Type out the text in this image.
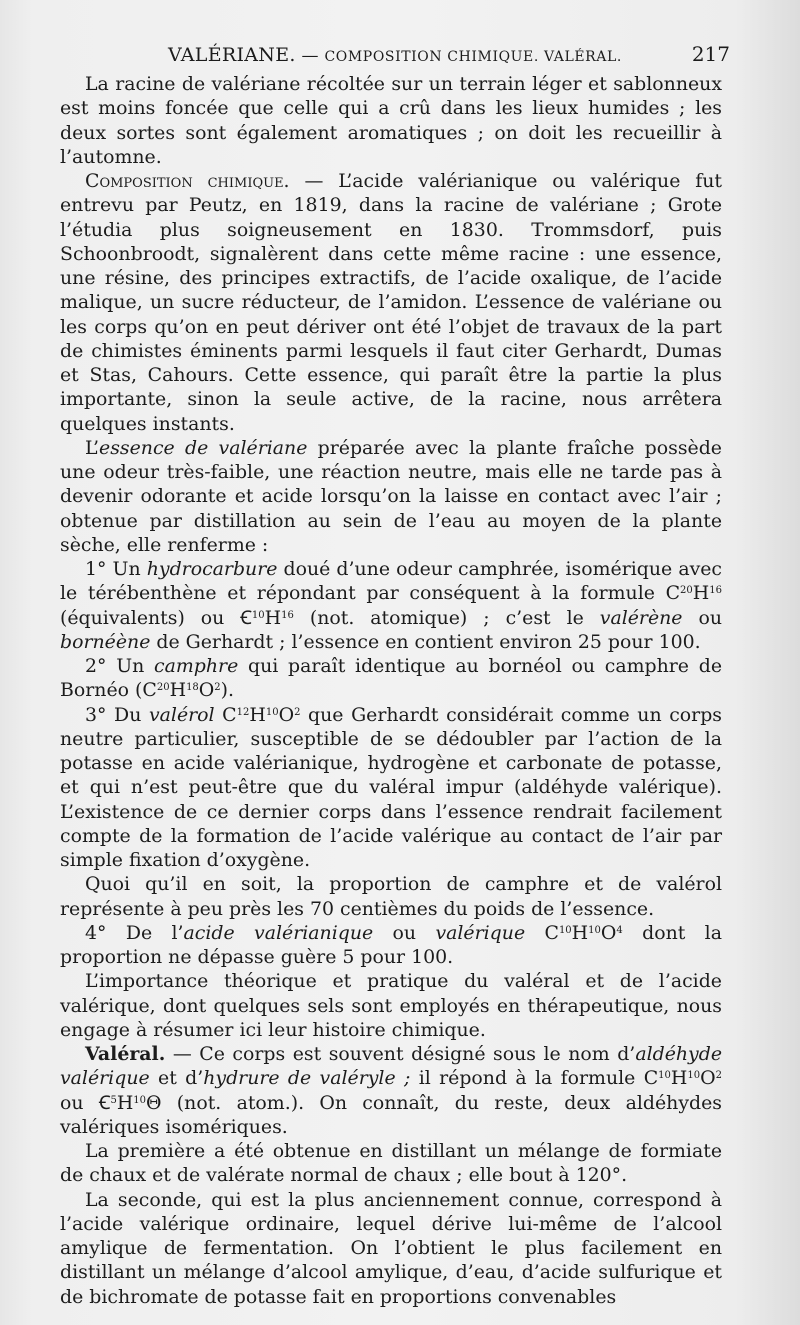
VALÉRIANE. — COMPOSITION CHIMIQUE. VALÉRAL.	217

La racine de valériane récoltée sur un terrain léger et sablonneux est moins foncée que celle qui a crû dans les lieux humides ; les deux sortes sont également aromatiques ; on doit les recueillir à l’automne.

Composition chimique. — L’acide valérianique ou valérique fut entrevu par Peutz, en 1819, dans la racine de valériane ; Grote l’étudia plus soigneusement en 1830. Trommsdorf, puis Schoonbroodt, signalèrent dans cette même racine : une essence, une résine, des principes extractifs, de l’acide oxalique, de l’acide malique, un sucre réducteur, de l’amidon. L’essence de valériane ou les corps qu’on en peut dériver ont été l’objet de travaux de la part de chimistes éminents parmi lesquels il faut citer Gerhardt, Dumas et Stas, Cahours. Cette essence, qui paraît être la partie la plus importante, sinon la seule active, de la racine, nous arrêtera quelques instants.

L’essence de valériane préparée avec la plante fraîche possède une odeur très-faible, une réaction neutre, mais elle ne tarde pas à devenir odorante et acide lorsqu’on la laisse en contact avec l’air ; obtenue par distillation au sein de l’eau au moyen de la plante sèche, elle renferme :

1° Un hydrocarbure doué d’une odeur camphrée, isomérique avec le térébenthène et répondant par conséquent à la formule $C^{20}H^{16}$ (équivalents) ou $Ꞓ^{10}H^{16}$ (not. atomique) ; c’est le valérène ou bornéène de Gerhardt ; l’essence en contient environ 25 pour 100.

2° Un camphre qui paraît identique au bornéol ou camphre de Bornéo $(C^{20}H^{18}O^2)$.

3° Du valérol $C^{12}H^{10}O^2$ que Gerhardt considérait comme un corps neutre particulier, susceptible de se dédoubler par l’action de la potasse en acide valérianique, hydrogène et carbonate de potasse, et qui n’est peut-être que du valéral impur (aldéhyde valérique). L’existence de ce dernier corps dans l’essence rendrait facilement compte de la formation de l’acide valérique au contact de l’air par simple fixation d’oxygène.

Quoi qu’il en soit, la proportion de camphre et de valérol représente à peu près les 70 centièmes du poids de l’essence.

4° De l’acide valérianique ou valérique $C^{10}H^{10}O^4$ dont la proportion ne dépasse guère 5 pour 100.

L’importance théorique et pratique du valéral et de l’acide valérique, dont quelques sels sont employés en thérapeutique, nous engage à résumer ici leur histoire chimique.

Valéral. — Ce corps est souvent désigné sous le nom d’aldéhyde valérique et d’hydrure de valéryle ; il répond à la formule $C^{10}H^{10}O^2$ ou $Ꞓ^5H^{10}\Theta$ (not. atom.). On connaît, du reste, deux aldéhydes valériques isomériques.

La première a été obtenue en distillant un mélange de formiate de chaux et de valérate normal de chaux ; elle bout à 120°.

La seconde, qui est la plus anciennement connue, correspond à l’acide valérique ordinaire, lequel dérive lui-même de l’alcool amylique de fermentation. On l’obtient le plus facilement en distillant un mélange d’alcool amylique, d’eau, d’acide sulfurique et de bichromate de potasse fait en proportions convenables
